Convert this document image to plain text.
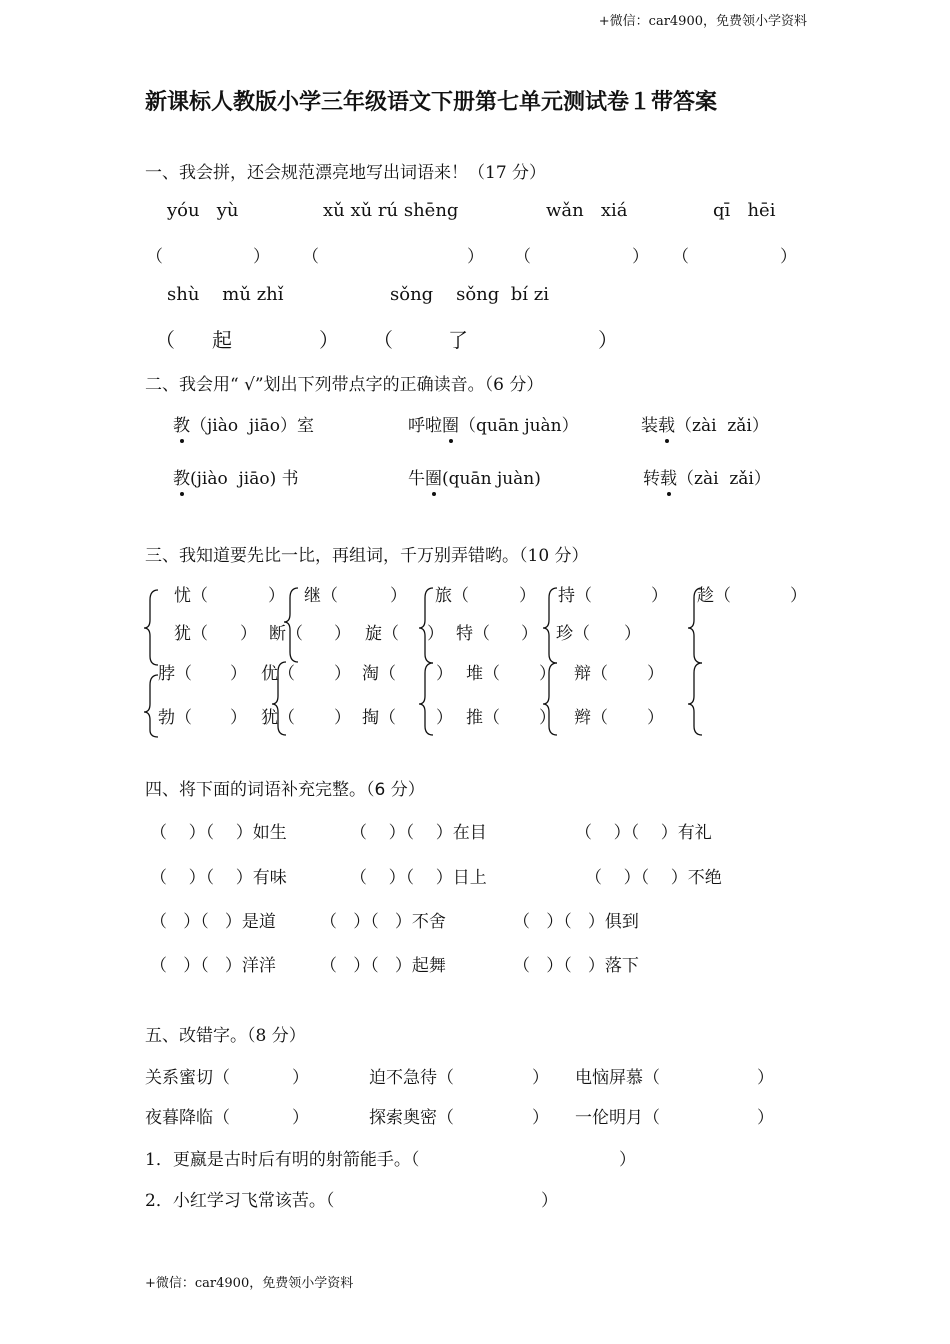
+微信：car4900，免费领小学资料
+微信：car4900，免费领小学资料
新课标人教版小学三年级语文下册第七单元测试卷１带答案
一、我会拼，还会规范漂亮地写出词语来！（17 分）
yóu   yù	xǔ xǔ rú shēng	wǎn   xiá	qī   hēi
（	） （	） （	） （	）
shù    mǔ zhǐ	sǒng    sǒng  bí zi
（ 起	） （	了	）
二、我会用“ √”划出下列带点字的正确读音。（6 分）
教（jiào  jiāo）室	呼啦圈（quān juàn）	装载（zài  zǎi）
教(jiào  jiāo) 书	牛圈(quān juàn)	转载（zài  zǎi）
三、我知道要先比一比，再组词，千万别弄错哟。（10 分）
忧（	） 继（	） 旅（	） 持（	） 趁（	）
犹（ ） 断（ ） 旋（ ） 特（ ） 珍（ ）
脖（ ） 优（ ） 淘（ ） 堆（ ） 辩（ ）
勃（ ） 犹（ ） 掏（ ） 推（ ） 辫（ ）
四、将下面的词语补充完整。（6 分）
（    ）（    ）如生	（    ）（    ）在目	（    ）（    ）有礼
（    ）（    ）有味	（    ）（    ）日上	（    ）（    ）不绝
（   ）（   ）是道	（   ）（   ）不舍	（   ）（   ）俱到
（   ）（   ）洋洋	（   ）（   ）起舞	（   ）（   ）落下
五、改错字。（8 分）
关系蜜切（	）	迫不急待（	） 电恼屏慕（	）
夜暮降临（	）	探索奥密（	） 一伦明月（	）
1．更嬴是古时后有明的射箭能手。（	）
2．小红学习飞常该苦。（	）
